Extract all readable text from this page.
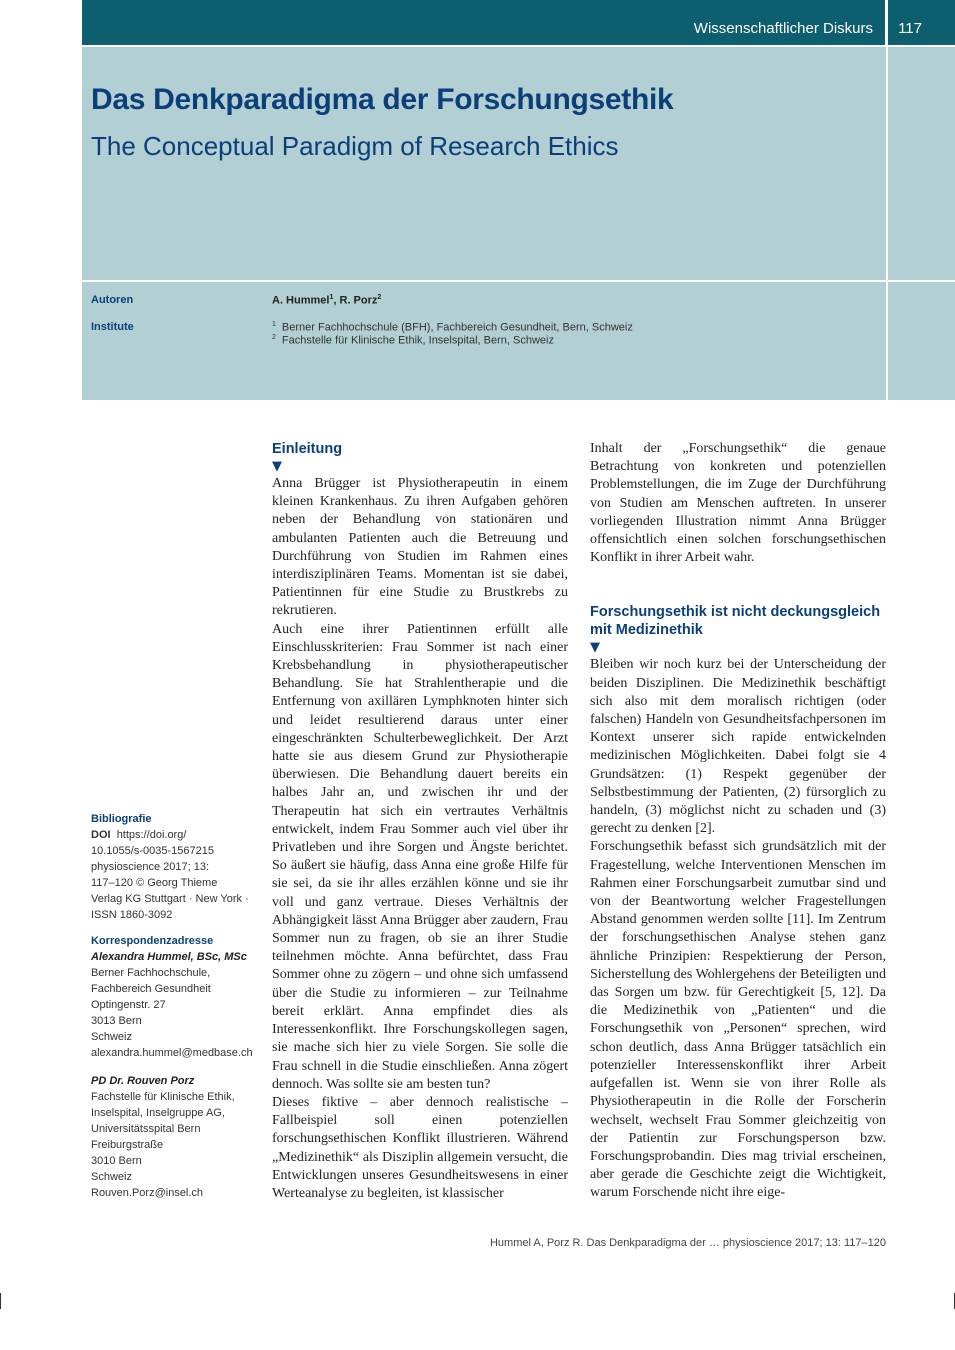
Wissenschaftlicher Diskurs 117
Das Denkparadigma der Forschungsethik
The Conceptual Paradigm of Research Ethics
Autoren	A. Hummel$^1$, R. Porz$^2$
Institute	$^1$ Berner Fachhochschule (BFH), Fachbereich Gesundheit, Bern, Schweiz
$^2$ Fachstelle für Klinische Ethik, Inselspital, Bern, Schweiz
Bibliografie
DOI https://doi.org/
10.1055/s-0035-1567215
physioscience 2017; 13:
117–120 © Georg Thieme
Verlag KG Stuttgart · New York ·
ISSN 1860-3092
Korrespondenzadresse
Alexandra Hummel, BSc, MSc
Berner Fachhochschule,
Fachbereich Gesundheit
Optingenstr. 27
3013 Bern
Schweiz
alexandra.hummel@medbase.ch
PD Dr. Rouven Porz
Fachstelle für Klinische Ethik,
Inselspital, Inselgruppe AG,
Universitätsspital Bern
Freiburgstraße
3010 Bern
Schweiz
Rouven.Porz@insel.ch
Einleitung
▼

Anna Brügger ist Physiotherapeutin in einem kleinen Krankenhaus. Zu ihren Aufgaben gehören neben der Behandlung von stationären und ambulanten Patienten auch die Betreuung und Durchführung von Studien im Rahmen eines interdisziplinären Teams. Momentan ist sie dabei, Patientinnen für eine Studie zu Brustkrebs zu rekrutieren.

Auch eine ihrer Patientinnen erfüllt alle Einschlusskriterien: Frau Sommer ist nach einer Krebsbehandlung in physiotherapeutischer Behandlung. Sie hat Strahlentherapie und die Entfernung von axillären Lymphknoten hinter sich und leidet resultierend daraus unter einer eingeschränkten Schulterbeweglichkeit. Der Arzt hatte sie aus diesem Grund zur Physiotherapie überwiesen. Die Behandlung dauert bereits ein halbes Jahr an, und zwischen ihr und der Therapeutin hat sich ein vertrautes Verhältnis entwickelt, indem Frau Sommer auch viel über ihr Privatleben und ihre Sorgen und Ängste berichtet. So äußert sie häufig, dass Anna eine große Hilfe für sie sei, da sie ihr alles erzählen könne und sie ihr voll und ganz vertraue. Dieses Verhältnis der Abhängigkeit lässt Anna Brügger aber zaudern, Frau Sommer nun zu fragen, ob sie an ihrer Studie teilnehmen möchte. Anna befürchtet, dass Frau Sommer ohne zu zögern – und ohne sich umfassend über die Studie zu informieren – zur Teilnahme bereit erklärt. Anna empfindet dies als Interessenkonflikt. Ihre Forschungskollegen sagen, sie mache sich hier zu viele Sorgen. Sie solle die Frau schnell in die Studie einschließen. Anna zögert dennoch. Was sollte sie am besten tun?

Dieses fiktive – aber dennoch realistische – Fallbeispiel soll einen potenziellen forschungsethischen Konflikt illustrieren. Während „Medizinethik“ als Disziplin allgemein versucht, die Entwicklungen unseres Gesundheitswesens in einer Werteanalyse zu begleiten, ist klassischer

Inhalt der „Forschungsethik“ die genaue Betrachtung von konkreten und potenziellen Problemstellungen, die im Zuge der Durchführung von Studien am Menschen auftreten. In unserer vorliegenden Illustration nimmt Anna Brügger offensichtlich einen solchen forschungsethischen Konflikt in ihrer Arbeit wahr.

Forschungsethik ist nicht deckungsgleich mit Medizinethik
▼

Bleiben wir noch kurz bei der Unterscheidung der beiden Disziplinen. Die Medizinethik beschäftigt sich also mit dem moralisch richtigen (oder falschen) Handeln von Gesundheitsfachpersonen im Kontext unserer sich rapide entwickelnden medizinischen Möglichkeiten. Dabei folgt sie 4 Grundsätzen: (1) Respekt gegenüber der Selbstbestimmung der Patienten, (2) fürsorglich zu handeln, (3) möglichst nicht zu schaden und (3) gerecht zu denken [2].

Forschungsethik befasst sich grundsätzlich mit der Fragestellung, welche Interventionen Menschen im Rahmen einer Forschungsarbeit zumutbar sind und von der Beantwortung welcher Fragestellungen Abstand genommen werden sollte [11]. Im Zentrum der forschungsethischen Analyse stehen ganz ähnliche Prinzipien: Respektierung der Person, Sicherstellung des Wohlergehens der Beteiligten und das Sorgen um bzw. für Gerechtigkeit [5, 12]. Da die Medizinethik von „Patienten“ und die Forschungsethik von „Personen“ sprechen, wird schon deutlich, dass Anna Brügger tatsächlich ein potenzieller Interessenskonflikt ihrer Arbeit aufgefallen ist. Wenn sie von ihrer Rolle als Physiotherapeutin in die Rolle der Forscherin wechselt, wechselt Frau Sommer gleichzeitig von der Patientin zur Forschungsperson bzw. Forschungsprobandin. Dies mag trivial erscheinen, aber gerade die Geschichte zeigt die Wichtigkeit, warum Forschende nicht ihre eige-

Hummel A, Porz R. Das Denkparadigma der … physioscience 2017; 13: 117–120
